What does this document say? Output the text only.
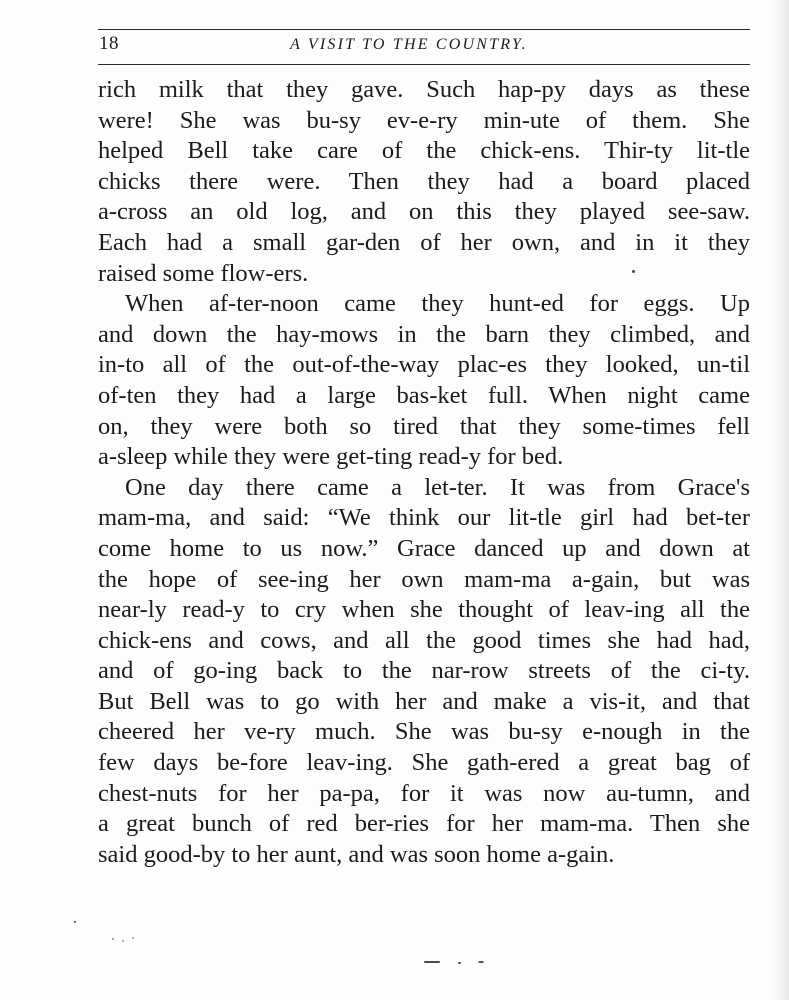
18	A VISIT TO THE COUNTRY.
rich milk that they gave. Such hap-py days as these
were! She was bu-sy ev-e-ry min-ute of them. She
helped Bell take care of the chick-ens. Thir-ty lit-tle
chicks there were. Then they had a board placed
a-cross an old log, and on this they played see-saw.
Each had a small gar-den of her own, and in it they
raised some flow-ers.
When af-ter-noon came they hunt-ed for eggs. Up
and down the hay-mows in the barn they climbed, and
in-to all of the out-of-the-way plac-es they looked, un-til
of-ten they had a large bas-ket full. When night came
on, they were both so tired that they some-times fell
a-sleep while they were get-ting read-y for bed.
One day there came a let-ter. It was from Grace's
mam-ma, and said: “We think our lit-tle girl had bet-ter
come home to us now.” Grace danced up and down at
the hope of see-ing her own mam-ma a-gain, but was
near-ly read-y to cry when she thought of leav-ing all the
chick-ens and cows, and all the good times she had had,
and of go-ing back to the nar-row streets of the ci-ty.
But Bell was to go with her and make a vis-it, and that
cheered her ve-ry much. She was bu-sy e-nough in the
few days be-fore leav-ing. She gath-ered a great bag of
chest-nuts for her pa-pa, for it was now au-tumn, and
a great bunch of red ber-ries for her mam-ma. Then she
said good-by to her aunt, and was soon home a-gain.
